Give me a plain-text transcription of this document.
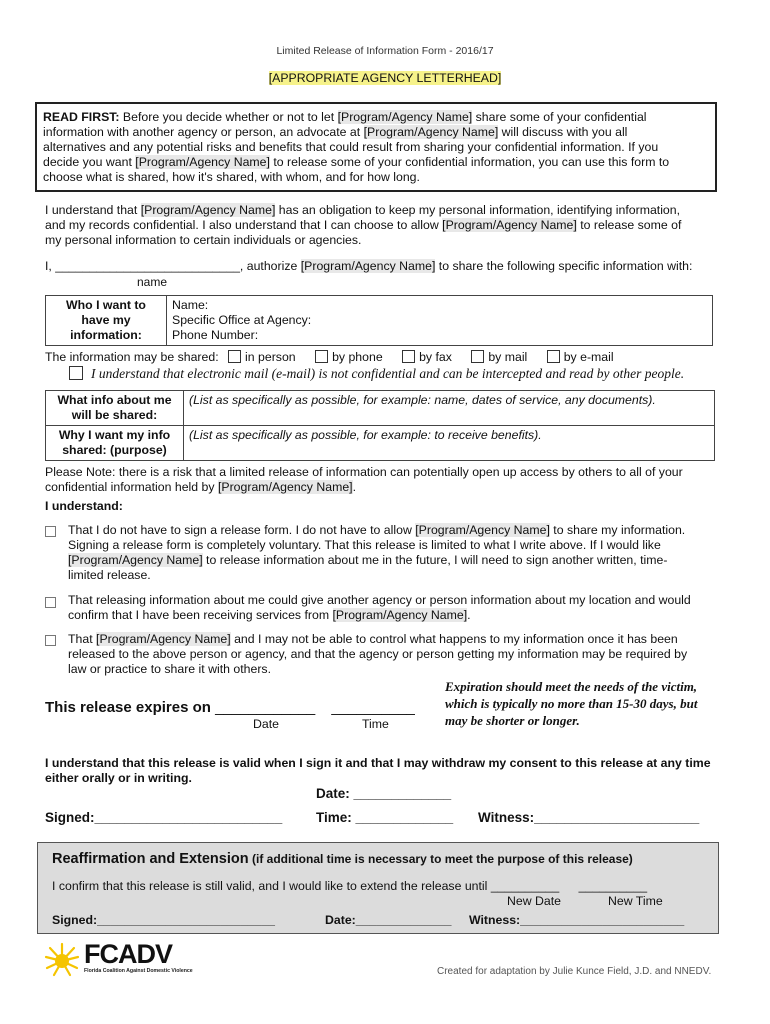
Limited Release of Information Form - 2016/17
[APPROPRIATE AGENCY LETTERHEAD]
READ FIRST: Before you decide whether or not to let [Program/Agency Name] share some of your confidential
information with another agency or person, an advocate at [Program/Agency Name] will discuss with you all
alternatives and any potential risks and benefits that could result from sharing your confidential information. If you
decide you want [Program/Agency Name] to release some of your confidential information, you can use this form to
choose what is shared, how it's shared, with whom, and for how long.
I understand that [Program/Agency Name] has an obligation to keep my personal information, identifying information,
and my records confidential. I also understand that I can choose to allow [Program/Agency Name] to release some of
my personal information to certain individuals or agencies.
I, ___________________________, authorize [Program/Agency Name] to share the following specific information with:
name
Who I want to have my information:	
Name:
Specific Office at Agency:
Phone Number:
The information may be shared: in person	by phone	by fax	by mail	by e-mail
I understand that electronic mail (e-mail) is not confidential and can be intercepted and read by other people.
What info about me will be shared:	(List as specifically as possible, for example: name, dates of service, any documents).
Why I want my info shared: (purpose)	(List as specifically as possible, for example: to receive benefits).
Please Note: there is a risk that a limited release of information can potentially open up access by others to all of your
confidential information held by [Program/Agency Name].
I understand:
That I do not have to sign a release form. I do not have to allow [Program/Agency Name] to share my information.
Signing a release form is completely voluntary. That this release is limited to what I write above. If I would like
[Program/Agency Name] to release information about me in the future, I will need to sign another written, time-
limited release.
That releasing information about me could give another agency or person information about my location and would
confirm that I have been receiving services from [Program/Agency Name].
That [Program/Agency Name] and I may not be able to control what happens to my information once it has been
released to the above person or agency, and that the agency or person getting my information may be required by
law or practice to share it with others.
This release expires on ____________ __________
Date	Time
Expiration should meet the needs of the victim, which is typically no more than 15-30 days, but may be shorter or longer.
I understand that this release is valid when I sign it and that I may withdraw my consent to this release at any time either orally or in writing.
Date: _____________
Signed:_________________________	Time: _____________ Witness:______________________
Reaffirmation and Extension (if additional time is necessary to meet the purpose of this release)
I confirm that this release is still valid, and I would like to extend the release until __________ __________
New Date	New Time
Signed:__________________________	Date:______________ Witness:________________________
FCADV
Florida Coalition Against Domestic Violence	Created for adaptation by Julie Kunce Field, J.D. and NNEDV.
